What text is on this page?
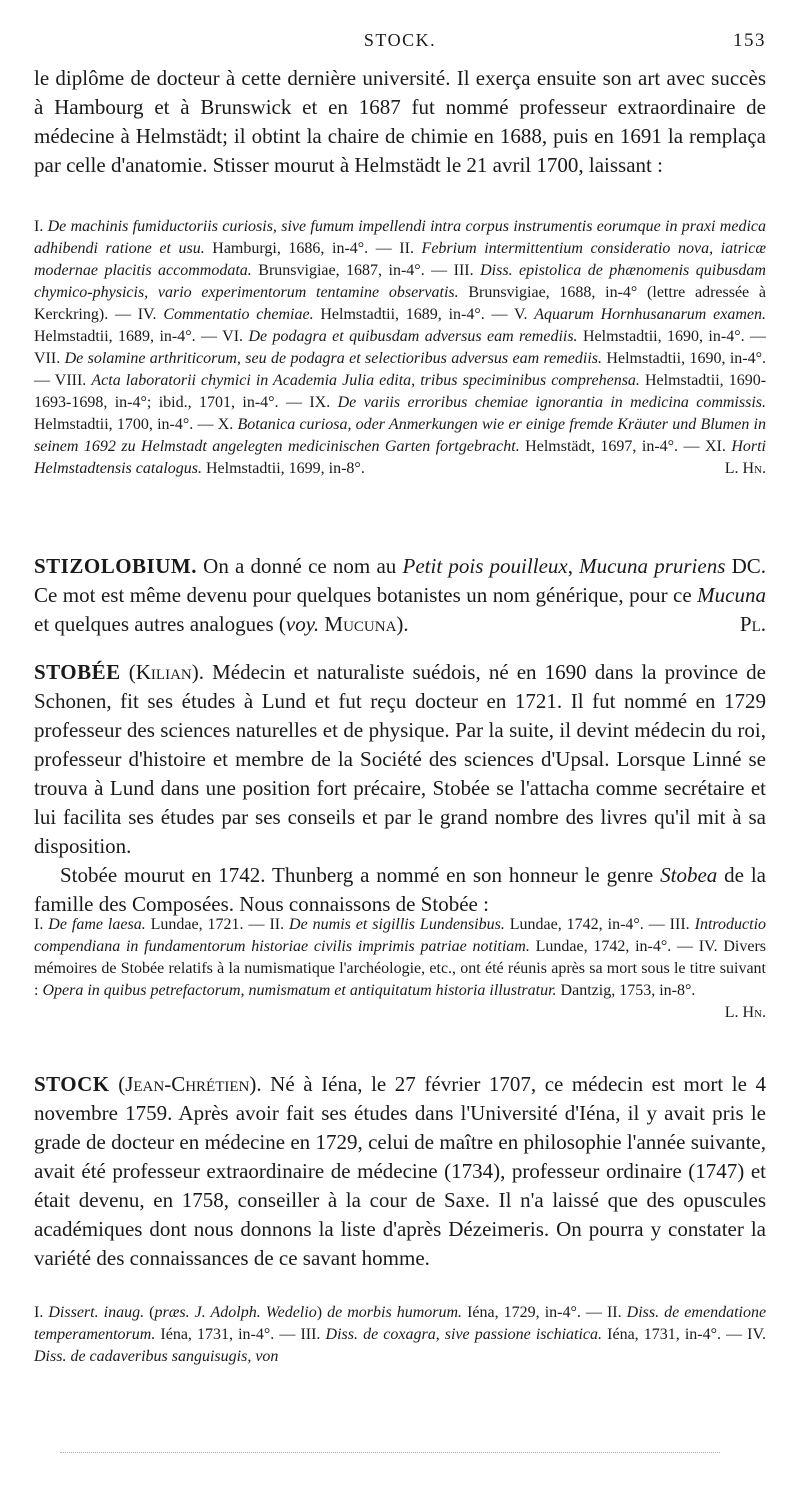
STOCK.	153
le diplôme de docteur à cette dernière université. Il exerça ensuite son art avec succès à Hambourg et à Brunswick et en 1687 fut nommé professeur extraordinaire de médecine à Helmstädt; il obtint la chaire de chimie en 1688, puis en 1691 la remplaça par celle d'anatomie. Stisser mourut à Helmstädt le 21 avril 1700, laissant :
I. De machinis fumiductoriis curiosis, sive fumum impellendi intra corpus instrumentis eorumque in praxi medica adhibendi ratione et usu. Hamburgi, 1686, in-4°. — II. Febrium intermittentium consideratio nova, iatricæ modernae placitis accommodata. Brunsvigiae, 1687, in-4°. — III. Diss. epistolica de phænomenis quibusdam chymico-physicis, vario experimentorum tentamine observatis. Brunsvigiae, 1688, in-4° (lettre adressée à Kerckring). — IV. Commentatio chemiae. Helmstadtii, 1689, in-4°. — V. Aquarum Hornhusanarum examen. Helmstadtii, 1689, in-4°. — VI. De podagra et quibusdam adversus eam remediis. Helmstadtii, 1690, in-4°. — VII. De solamine arthriticorum, seu de podagra et selectioribus adversus eam remediis. Helmstadtii, 1690, in-4°. — VIII. Acta laboratorii chymici in Academia Julia edita, tribus speciminibus comprehensa. Helmstadtii, 1690-1693-1698, in-4°; ibid., 1701, in-4°. — IX. De variis erroribus chemiae ignorantia in medicina commissis. Helmstadtii, 1700, in-4°. — X. Botanica curiosa, oder Anmerkungen wie er einige fremde Kräuter und Blumen in seinem 1692 zu Helmstadt angelegten medicinischen Garten fortgebracht. Helmstädt, 1697, in-4°. — XI. Horti Helmstadtensis catalogus. Helmstadtii, 1699, in-8°.	L. Hn.
STIZOLOBIUM. On a donné ce nom au Petit pois pouilleux, Mucuna pruriens DC. Ce mot est même devenu pour quelques botanistes un nom générique, pour ce Mucuna et quelques autres analogues (voy. Mucuna).	Pl.
STOBÉE (Kilian). Médecin et naturaliste suédois, né en 1690 dans la province de Schonen, fit ses études à Lund et fut reçu docteur en 1721. Il fut nommé en 1729 professeur des sciences naturelles et de physique. Par la suite, il devint médecin du roi, professeur d'histoire et membre de la Société des sciences d'Upsal. Lorsque Linné se trouva à Lund dans une position fort précaire, Stobée se l'attacha comme secrétaire et lui facilita ses études par ses conseils et par le grand nombre des livres qu'il mit à sa disposition.
Stobée mourut en 1742. Thunberg a nommé en son honneur le genre Stobea de la famille des Composées. Nous connaissons de Stobée :
I. De fame laesa. Lundae, 1721. — II. De numis et sigillis Lundensibus. Lundae, 1742, in-4°. — III. Introductio compendiana in fundamentorum historiae civilis imprimis patriae notitiam. Lundae, 1742, in-4°. — IV. Divers mémoires de Stobée relatifs à la numismatique l'archéologie, etc., ont été réunis après sa mort sous le titre suivant : Opera in quibus petrefactorum, numismatum et antiquitatum historia illustratur. Dantzig, 1753, in-8°.
L. Hn.
STOCK (Jean-Chrétien). Né à Iéna, le 27 février 1707, ce médecin est mort le 4 novembre 1759. Après avoir fait ses études dans l'Université d'Iéna, il y avait pris le grade de docteur en médecine en 1729, celui de maître en philosophie l'année suivante, avait été professeur extraordinaire de médecine (1734), professeur ordinaire (1747) et était devenu, en 1758, conseiller à la cour de Saxe. Il n'a laissé que des opuscules académiques dont nous donnons la liste d'après Dézeimeris. On pourra y constater la variété des connaissances de ce savant homme.
I. Dissert. inaug. (præs. J. Adolph. Wedelio) de morbis humorum. Iéna, 1729, in-4°. — II. Diss. de emendatione temperamentorum. Iéna, 1731, in-4°. — III. Diss. de coxagra, sive passione ischiatica. Iéna, 1731, in-4°. — IV. Diss. de cadaveribus sanguisugis, von
